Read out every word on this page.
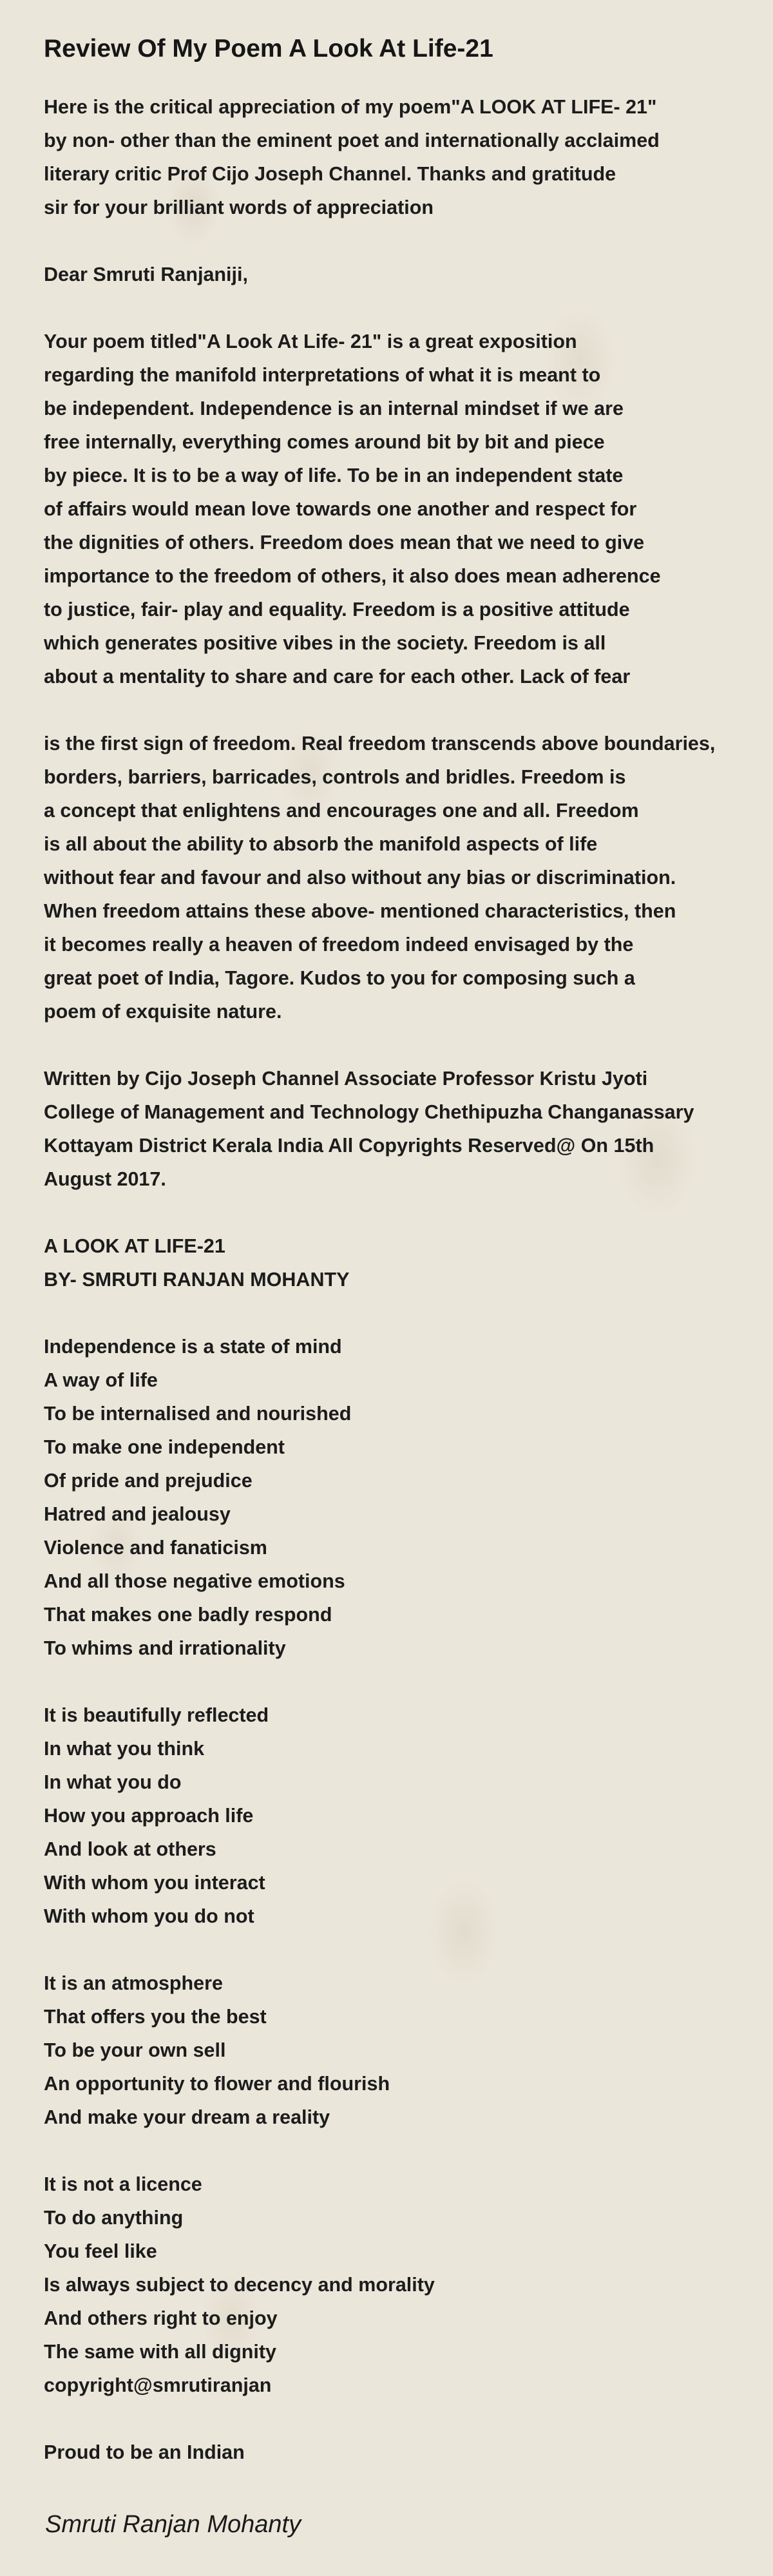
Review Of My Poem A Look At Life-21
Here is the critical appreciation of my poem"A LOOK AT LIFE- 21"
by non- other than the eminent poet and internationally acclaimed
literary critic Prof Cijo Joseph Channel. Thanks and gratitude
sir for your brilliant words of appreciation
Dear Smruti Ranjaniji,
Your poem titled"A Look At Life- 21" is a great exposition
regarding the manifold interpretations of what it is meant to
be independent. Independence is an internal mindset if we are
free internally, everything comes around bit by bit and piece
by piece. It is to be a way of life. To be in an independent state
of affairs would mean love towards one another and respect for
the dignities of others. Freedom does mean that we need to give
importance to the freedom of others, it also does mean adherence
to justice, fair- play and equality. Freedom is a positive attitude
which generates positive vibes in the society. Freedom is all
about a mentality to share and care for each other. Lack of fear
is the first sign of freedom. Real freedom transcends above boundaries,
borders, barriers, barricades, controls and bridles. Freedom is
a concept that enlightens and encourages one and all. Freedom
is all about the ability to absorb the manifold aspects of life
without fear and favour and also without any bias or discrimination.
When freedom attains these above- mentioned characteristics, then
it becomes really a heaven of freedom indeed envisaged by the
great poet of India, Tagore. Kudos to you for composing such a
poem of exquisite nature.
Written by Cijo Joseph Channel Associate Professor Kristu Jyoti
College of Management and Technology Chethipuzha Changanassary
Kottayam District Kerala India All Copyrights Reserved@ On 15th
August 2017.
A LOOK AT LIFE-21
BY- SMRUTI RANJAN MOHANTY
Independence is a state of mind
A way of life
To be internalised and nourished
To make one independent
Of pride and prejudice
Hatred and jealousy
Violence and fanaticism
And all those negative emotions
That makes one badly respond
To whims and irrationality
It is beautifully reflected
In what you think
In what you do
How you approach life
And look at others
With whom you interact
With whom you do not
It is an atmosphere
That offers you the best
To be your own sell
An opportunity to flower and flourish
And make your dream a reality
It is not a licence
To do anything
You feel like
Is always subject to decency and morality
And others right to enjoy
The same with all dignity
copyright@smrutiranjan
Proud to be an Indian
Smruti Ranjan Mohanty
